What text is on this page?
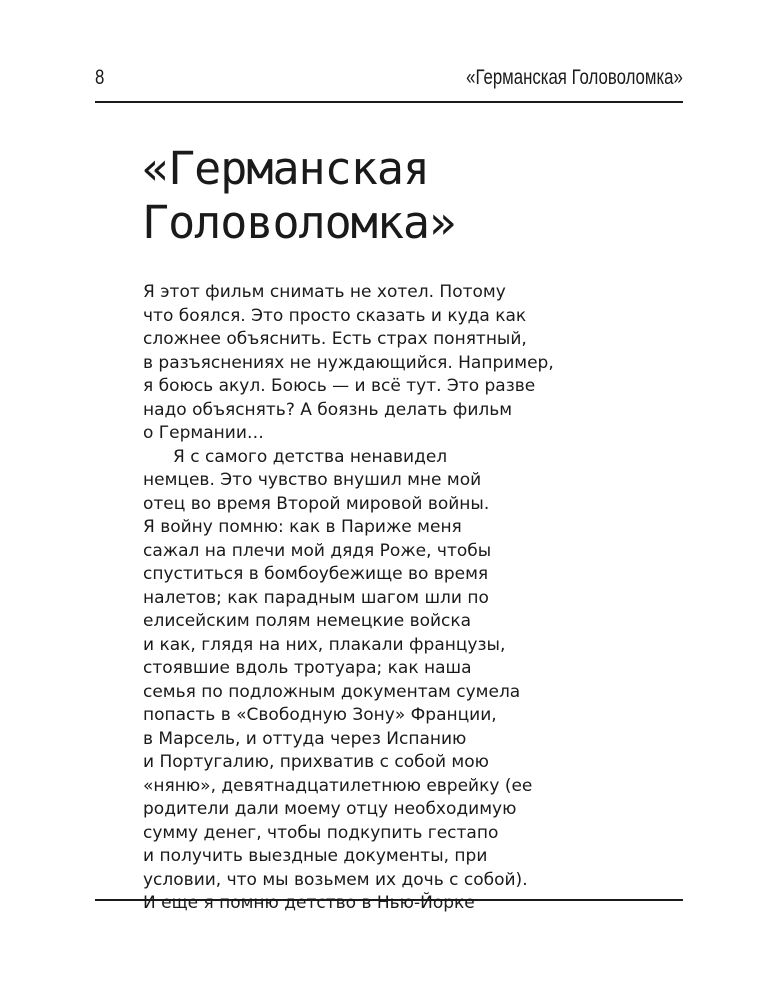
8	«Германская Головоломка»
«Германская
Головоломка»
Я этот фильм снимать не хотел. Потому
что боялся. Это просто сказать и куда как
сложнее объяснить. Есть страх понятный,
в разъяснениях не нуждающийся. Например,
я боюсь акул. Боюсь — и всё тут. Это разве
надо объяснять? А боязнь делать фильм
о Германии…
Я с самого детства ненавидел
немцев. Это чувство внушил мне мой
отец во время Второй мировой войны.
Я войну помню: как в Париже меня
сажал на плечи мой дядя Роже, чтобы
спуститься в бомбоубежище во время
налетов; как парадным шагом шли по
елисейским полям немецкие войска
и как, глядя на них, плакали французы,
стоявшие вдоль тротуара; как наша
семья по подложным документам сумела
попасть в «Свободную Зону» Франции,
в Марсель, и оттуда через Испанию
и Португалию, прихватив с собой мою
«няню», девятнадцатилетнюю еврейку (ее
родители дали моему отцу необходимую
сумму денег, чтобы подкупить гестапо
и получить выездные документы, при
условии, что мы возьмем их дочь с собой).
И еще я помню детство в Нью-Йорке
